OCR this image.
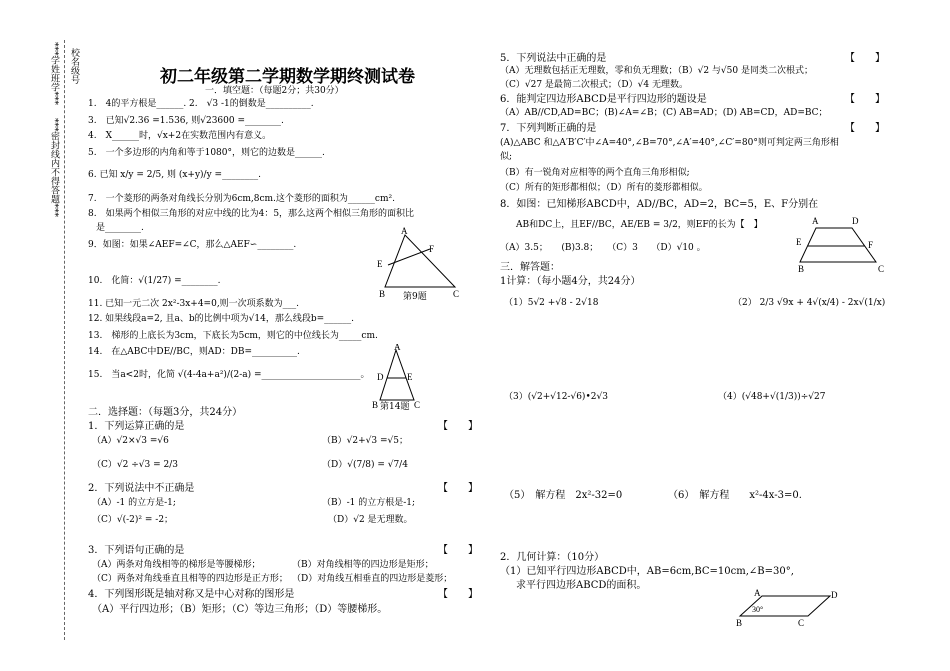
***学姓班学***
***密封线内不得答题***
校名级号	初二年级第二学期数学期终测试卷
一．填空题：（每题2分；共30分）
1.　4的平方根是______. 2.　√3 -1的倒数是__________.
3.　已知√2.36 =1.536, 则√23600 =________.
4.　X______时，√x+2在实数范围内有意义。
5.　一个多边形的内角和等于1080°，则它的边数是______.
6. 已知 x/y = 2/5, 则 (x+y)/y =________.
7.　一个菱形的两条对角线长分别为6cm,8cm.这个菱形的面积为______cm².
8.　如果两个相似三角形的对应中线的比为4：5，那么这两个相似三角形的面积比
是________.
9．如图：如果∠AEF=∠C，那么△AEF∽________.
10.　化简：√(1/27) =________.
11. 已知一元二次 2x²-3x+4=0,则一次项系数为___.
12. 如果线段a=2, 且a、b的比例中项为√14，那么线段b=______.
13.　梯形的上底长为3cm，下底长为5cm，则它的中位线长为_____cm.
14.　在△ABC中DE//BC，则AD：DB=__________.
15.　当a<2时，化简 √(4-4a+a²)/(2-a) =______________________。
A
E
F
B	C
第9题
A
D	E
B	C
第14题
二．选择题：（每题3分，共24分）
1．下列运算正确的是	【　　】
（A）√2×√3 =√6	（B）√2+√3 =√5；
（C）√2 ÷√3 = 2/3	（D）√(7/8) = √7/4
2．下列说法中不正确是	【　　】
（A）-1 的立方是-1;	（B）-1 的立方根是-1;
（C）√(-2)² = -2；	（D）√2 是无理数。
3．下列语句正确的是	【　　】
（A）两条对角线相等的梯形是等腰梯形；	（B）对角线相等的四边形是矩形；
（C）两条对角线垂直且相等的四边形是正方形； （D）对角线互相垂直的四边形是菱形；
4．下列图形既是轴对称又是中心对称的图形是	【　　】
（A）平行四边形；（B）矩形；（C）等边三角形；（D）等腰梯形。
5．下列说法中正确的是	【　　】
（A）无理数包括正无理数，零和负无理数；（B）√2 与√50 是同类二次根式；
（C）√27 是最简二次根式；（D）√4 无理数。
6．能判定四边形ABCD是平行四边形的题设是	【　　】
（A）AB//CD,AD=BC；(B)∠A=∠B；(C) AB=AD；(D) AB=CD，AD=BC；
7．下列判断正确的是	【　　】
(A)△ABC 和△A′B′C′中∠A=40°,∠B=70°,∠A′=40°,∠C′=80°则可判定两三角形相
似;
（B）有一锐角对应相等的两个直角三角形相似;
（C）所有的矩形都相似；（D）所有的菱形都相似。
8．如图：已知梯形ABCD中，AD//BC，AD=2，BC=5，E、F分别在
AB和DC上，且EF//BC，AE/EB = 3/2，则EF的长为【　】
（A）3.5；　　(B)3.8；　　（C）3　　（D）√10 。
A	D
E	F
B	C
三．解答题：
1计算：（每小题4分，共24分）
（1）5√2 +√8 - 2√18	（2） 2/3 √9x + 4√(x/4) - 2x√(1/x)
（3）(√2+√12-√6)•2√3	（4）(√48+√(1/3))÷√27
（5）　解方程　2x²-32=0	（6）　解方程　　x²-4x-3=0.
2．几何计算：（10分）
（1）已知平行四边形ABCD中，AB=6cm,BC=10cm,∠B=30°,
求平行四边形ABCD的面积。
A	D
B	C
30°
